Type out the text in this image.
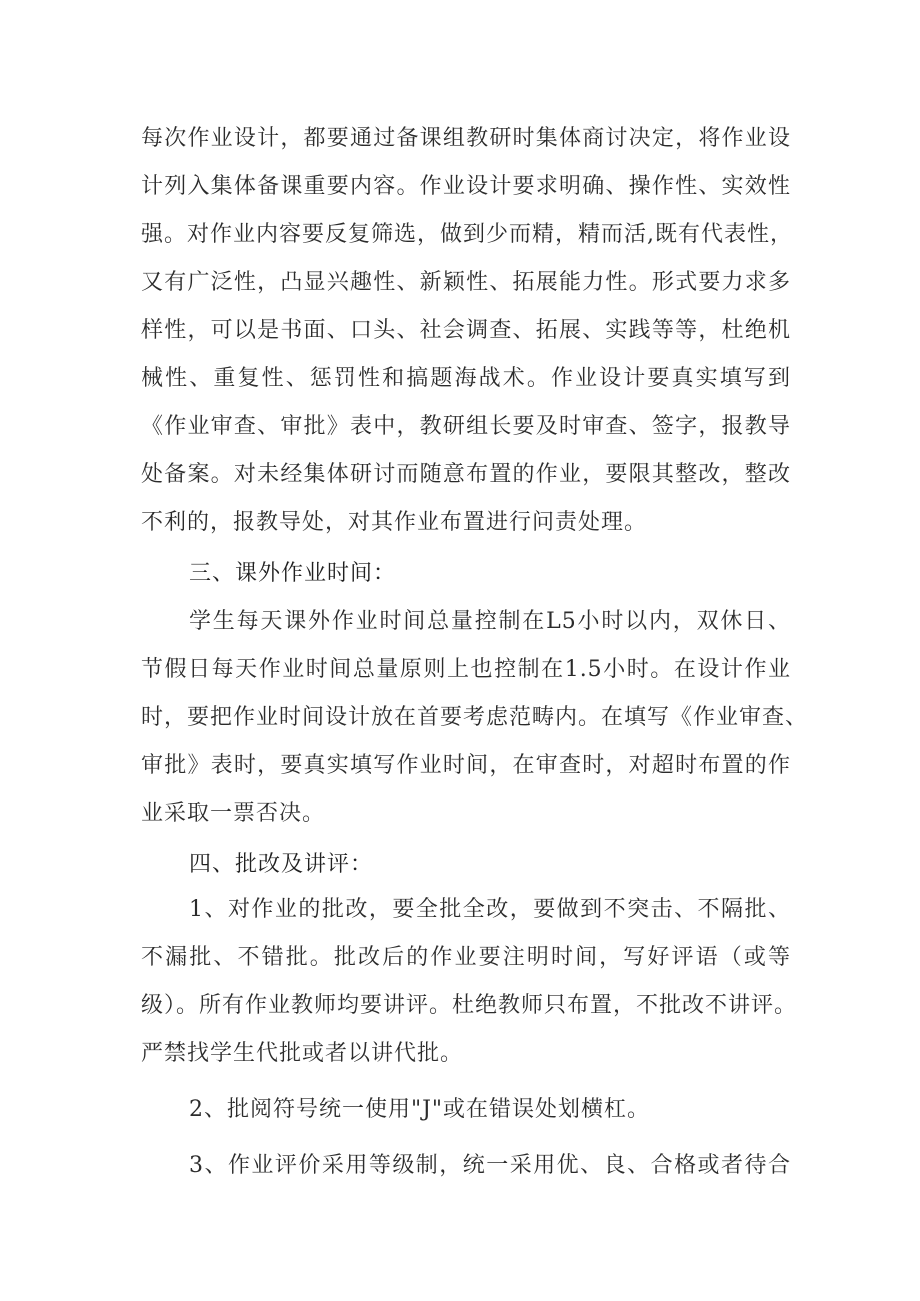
每次作业设计，都要通过备课组教研时集体商讨决定，将作业设
计列入集体备课重要内容。作业设计要求明确、操作性、实效性
强。对作业内容要反复筛选，做到少而精，精而活,既有代表性，
又有广泛性，凸显兴趣性、新颖性、拓展能力性。形式要力求多
样性，可以是书面、口头、社会调查、拓展、实践等等，杜绝机
械性、重复性、惩罚性和搞题海战术。作业设计要真实填写到
《作业审查、审批》表中，教研组长要及时审查、签字，报教导
处备案。对未经集体研讨而随意布置的作业，要限其整改，整改
不利的，报教导处，对其作业布置进行问责处理。
三、课外作业时间：
学生每天课外作业时间总量控制在L5小时以内，双休日、
节假日每天作业时间总量原则上也控制在1.5小时。在设计作业
时，要把作业时间设计放在首要考虑范畴内。在填写《作业审查、
审批》表时，要真实填写作业时间，在审查时，对超时布置的作
业采取一票否决。
四、批改及讲评：
1、对作业的批改，要全批全改，要做到不突击、不隔批、
不漏批、不错批。批改后的作业要注明时间，写好评语（或等
级）。所有作业教师均要讲评。杜绝教师只布置，不批改不讲评。
严禁找学生代批或者以讲代批。
2、批阅符号统一使用"J"或在错误处划横杠。
3、作业评价采用等级制，统一采用优、良、合格或者待合
